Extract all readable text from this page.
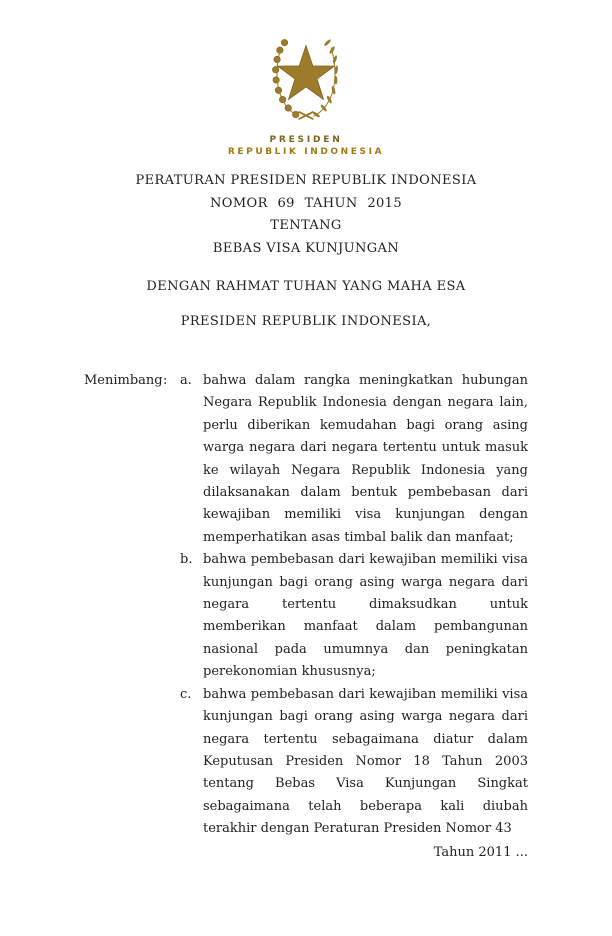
PRESIDEN
REPUBLIK INDONESIA
PERATURAN PRESIDEN REPUBLIK INDONESIA
NOMOR 69 TAHUN 2015
TENTANG
BEBAS VISA KUNJUNGAN
DENGAN RAHMAT TUHAN YANG MAHA ESA
PRESIDEN REPUBLIK INDONESIA,
Menimbang : a. bahwa dalam rangka meningkatkan hubungan Negara Republik Indonesia dengan negara lain, perlu diberikan kemudahan bagi orang asing warga negara dari negara tertentu untuk masuk ke wilayah Negara Republik Indonesia yang dilaksanakan dalam bentuk pembebasan dari kewajiban memiliki visa kunjungan dengan memperhatikan asas timbal balik dan manfaat;
b. bahwa pembebasan dari kewajiban memiliki visa kunjungan bagi orang asing warga negara dari negara tertentu dimaksudkan untuk memberikan manfaat dalam pembangunan nasional pada umumnya dan peningkatan perekonomian khususnya;
c. bahwa pembebasan dari kewajiban memiliki visa kunjungan bagi orang asing warga negara dari negara tertentu sebagaimana diatur dalam Keputusan Presiden Nomor 18 Tahun 2003 tentang Bebas Visa Kunjungan Singkat sebagaimana telah beberapa kali diubah terakhir dengan Peraturan Presiden Nomor 43
Tahun 2011 ...
